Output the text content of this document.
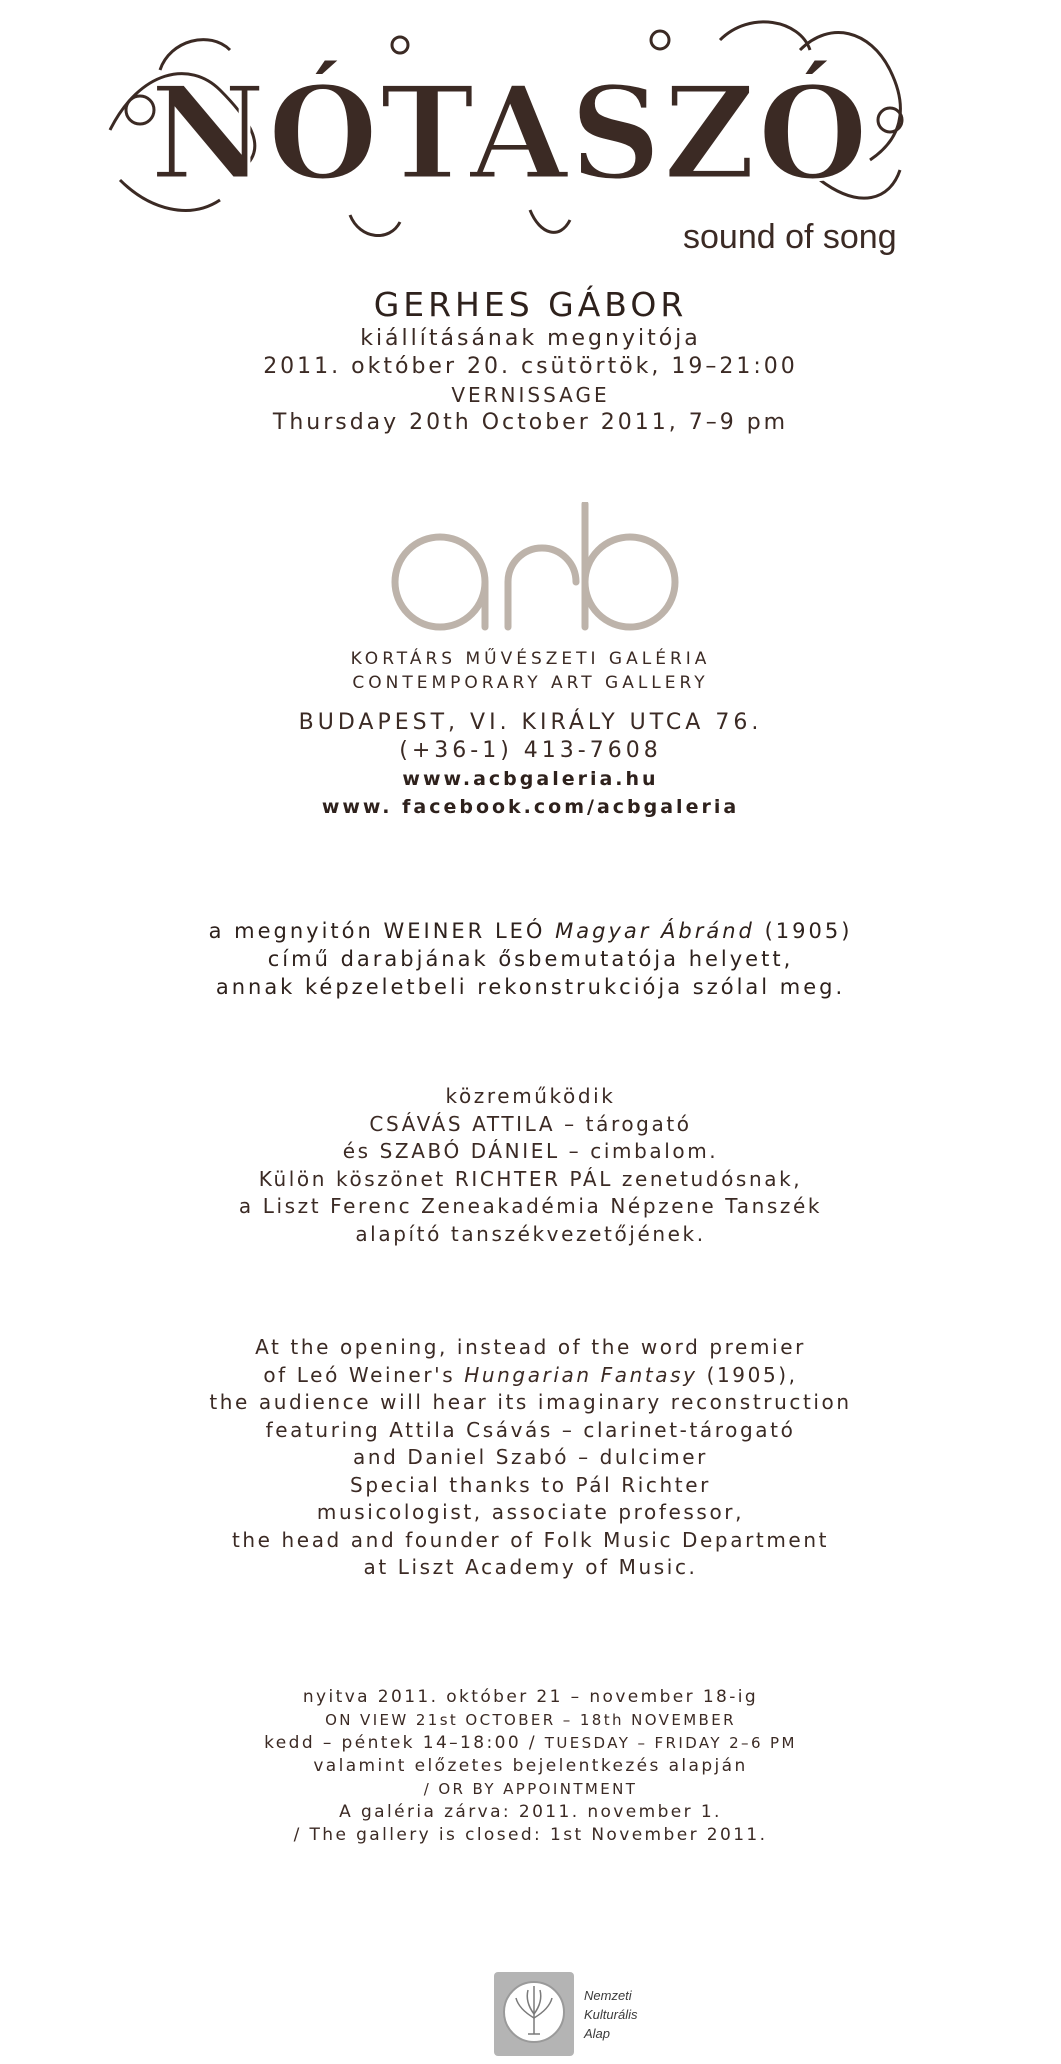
NÓTASZÓ
sound of song
GERHES GÁBOR
kiállításának megnyitója
2011. október 20. csütörtök, 19–21:00
VERNISSAGE
Thursday 20th October 2011, 7–9 pm
acb
KORTÁRS MŰVÉSZETI GALÉRIA
CONTEMPORARY ART GALLERY
BUDAPEST, VI. KIRÁLY UTCA 76.
(+36-1) 413-7608
www.acbgaleria.hu
www. facebook.com/acbgaleria
a megnyitón WEINER LEÓ Magyar Ábránd (1905)
című darabjának ősbemutatója helyett,
annak képzeletbeli rekonstrukciója szólal meg.
közreműködik
CSÁVÁS ATTILA – tárogató
és SZABÓ DÁNIEL – cimbalom.
Külön köszönet RICHTER PÁL zenetudósnak,
a Liszt Ferenc Zeneakadémia Népzene Tanszék
alapító tanszékvezetőjének.
At the opening, instead of the word premier
of Leó Weiner's Hungarian Fantasy (1905),
the audience will hear its imaginary reconstruction
featuring Attila Csávás – clarinet-tárogató
and Daniel Szabó – dulcimer
Special thanks to Pál Richter
musicologist, associate professor,
the head and founder of Folk Music Department
at Liszt Academy of Music.
nyitva 2011. október 21 – november 18-ig
ON VIEW 21st OCTOBER – 18th NOVEMBER
kedd – péntek 14–18:00 / TUESDAY – FRIDAY 2–6 PM
valamint előzetes bejelentkezés alapján
/ OR BY APPOINTMENT
A galéria zárva: 2011. november 1.
/ The gallery is closed: 1st November 2011.
Nemzeti
Kulturális
Alap
